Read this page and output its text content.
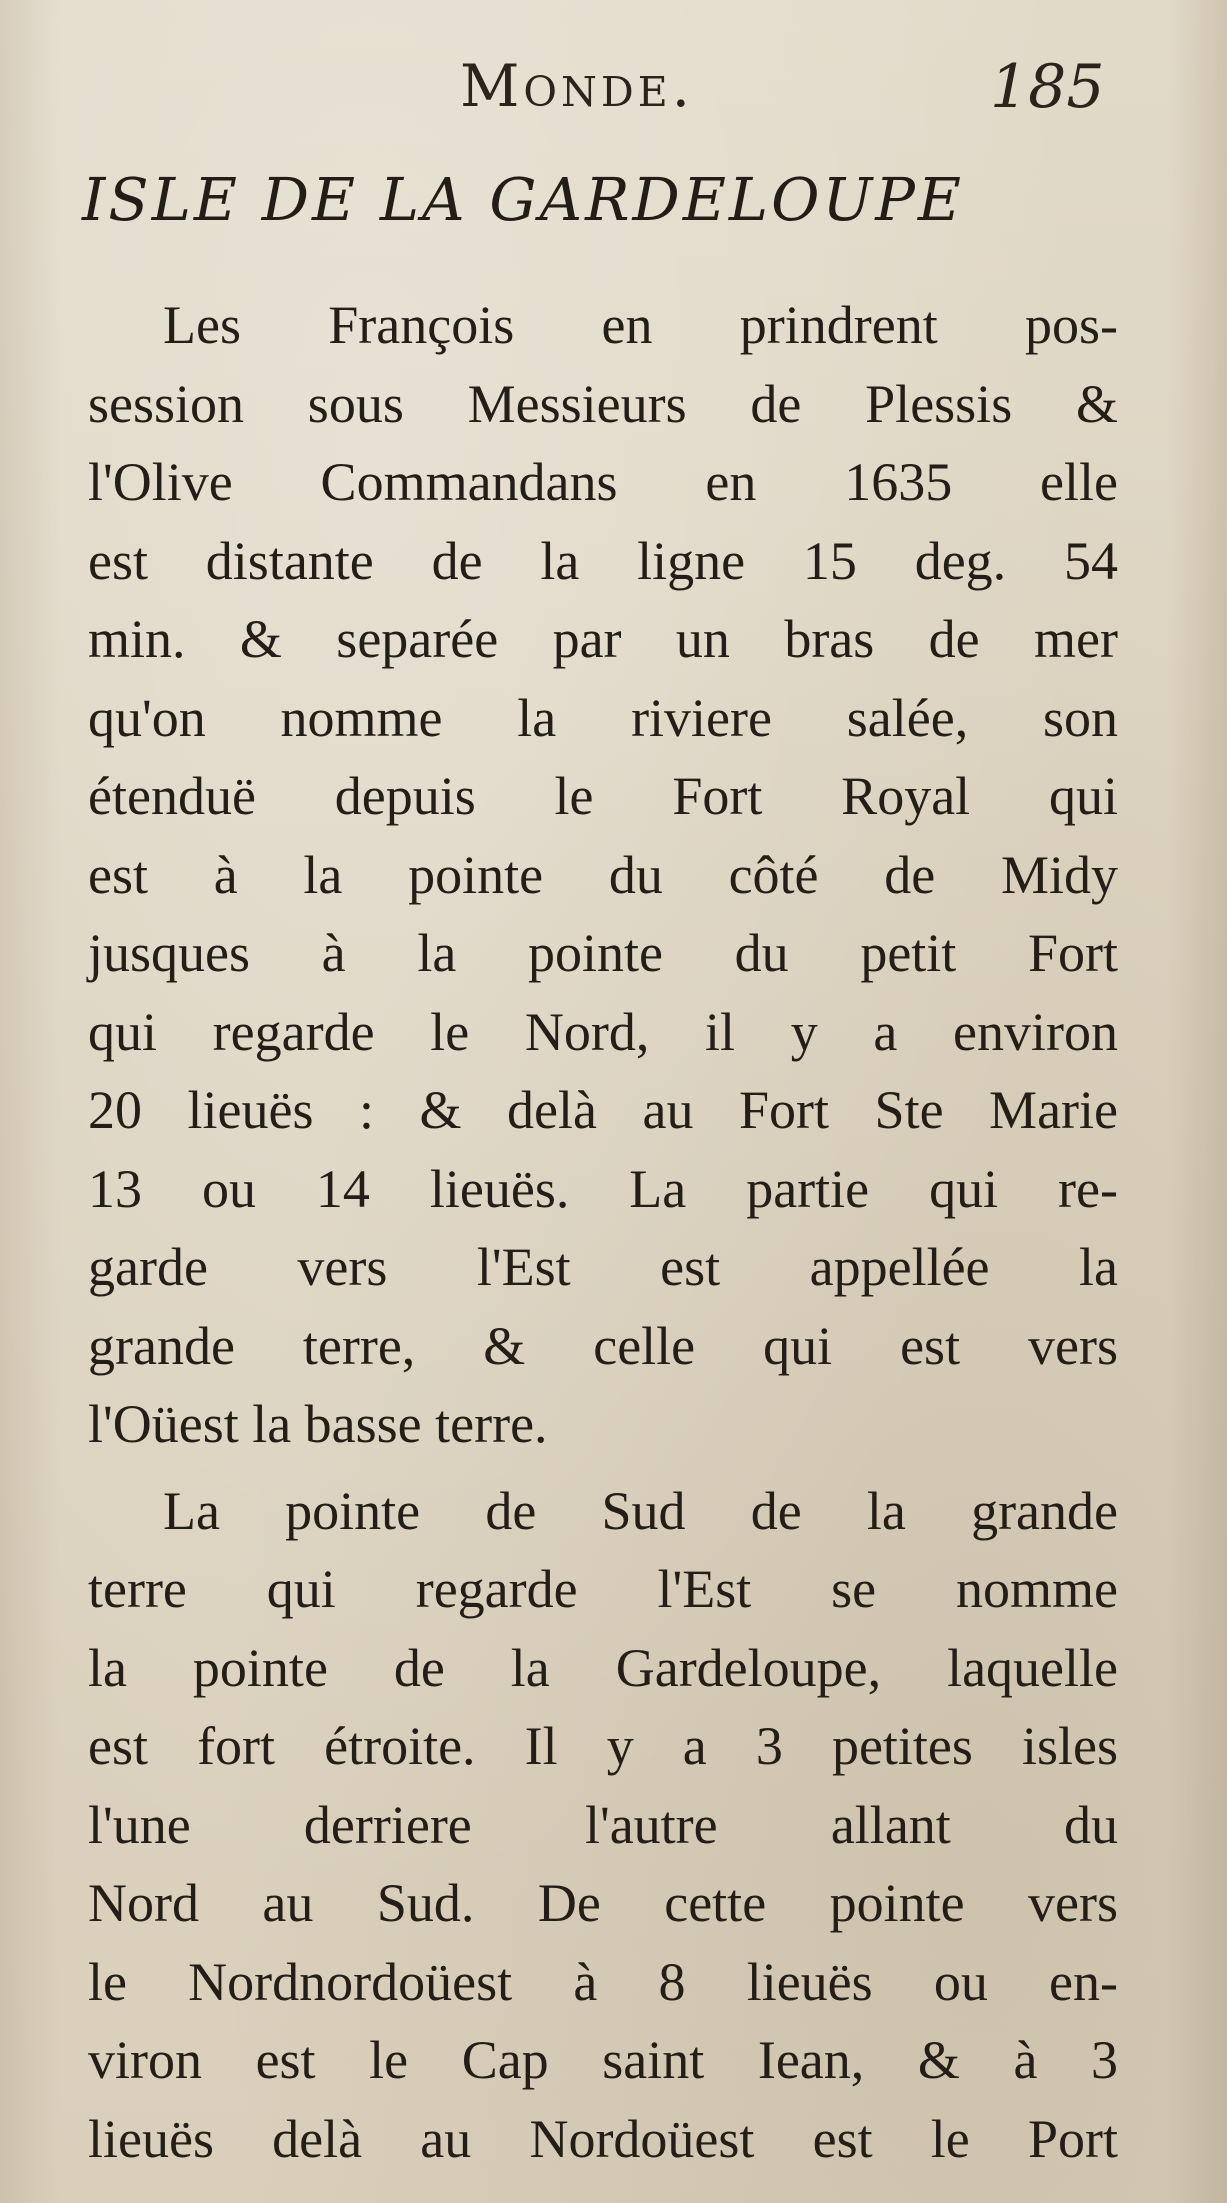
Monde.	185
ISLE DE LA GARDELOUPE
Les François en prindrent pos-
session sous Messieurs de Plessis &
l'Olive Commandans en 1635 elle
est distante de la ligne 15 deg. 54
min. & separée par un bras de mer
qu'on nomme la riviere salée, son
étenduë depuis le Fort Royal qui
est à la pointe du côté de Midy
jusques à la pointe du petit Fort
qui regarde le Nord, il y a environ
20 lieuës : & delà au Fort Ste Marie
13 ou 14 lieuës. La partie qui re-
garde vers l'Est est appellée la
grande terre, & celle qui est vers
l'Oüest la basse terre.
La pointe de Sud de la grande
terre qui regarde l'Est se nomme
la pointe de la Gardeloupe, laquelle
est fort étroite. Il y a 3 petites isles
l'une derriere l'autre allant du
Nord au Sud. De cette pointe vers
le Nordnordoüest à 8 lieuës ou en-
viron est le Cap saint Iean, & à 3
lieuës delà au Nordoüest est le Port
